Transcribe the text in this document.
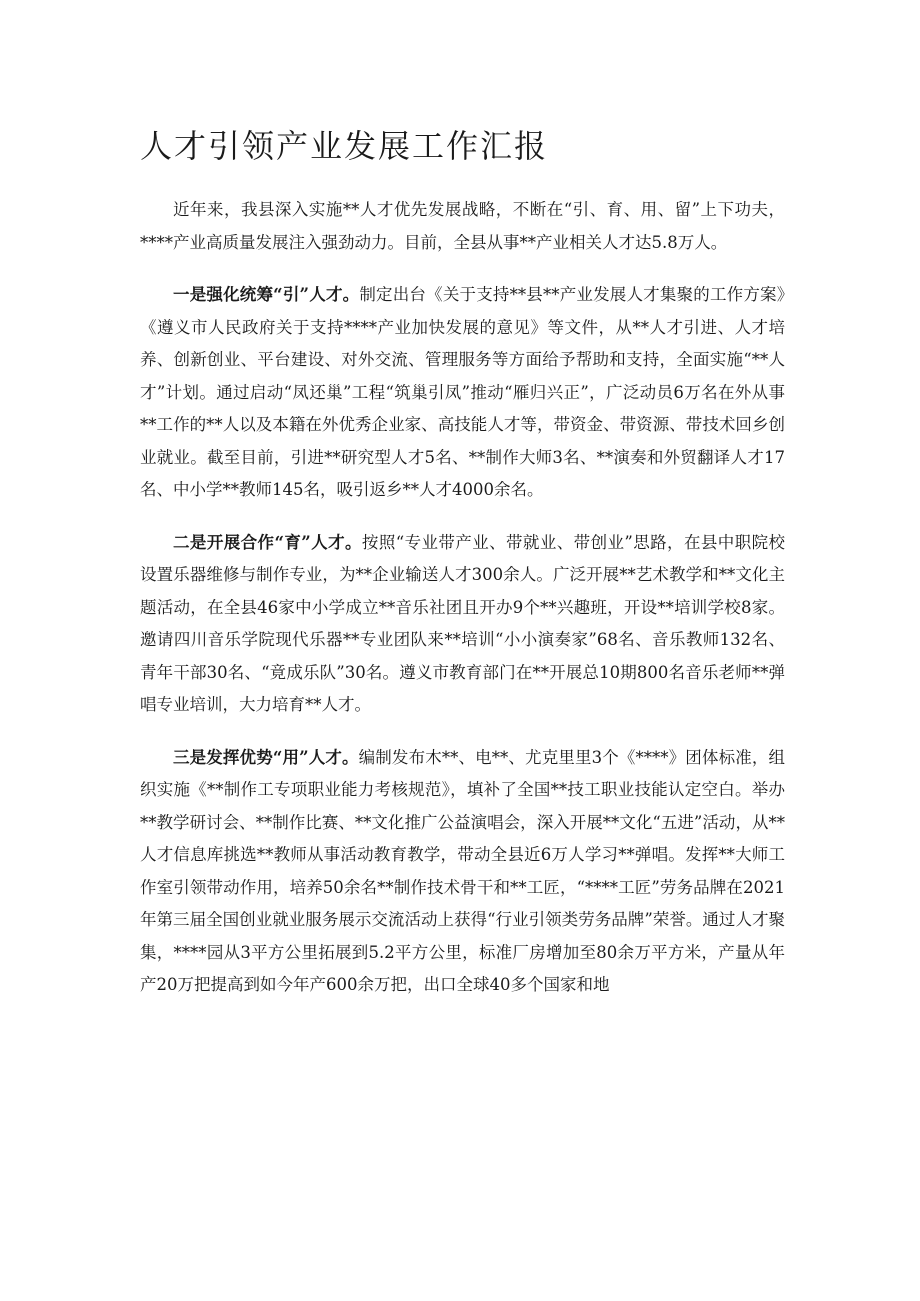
人才引领产业发展工作汇报

近年来，我县深入实施**人才优先发展战略，不断在“引、育、用、留”上下功夫，****产业高质量发展注入强劲动力。目前，全县从事**产业相关人才达5.8万人。

一是强化统筹“引”人才。制定出台《关于支持**县**产业发展人才集聚的工作方案》《遵义市人民政府关于支持****产业加快发展的意见》等文件，从**人才引进、人才培养、创新创业、平台建设、对外交流、管理服务等方面给予帮助和支持，全面实施“**人才”计划。通过启动“凤还巢”工程“筑巢引凤”推动“雁归兴正”，广泛动员6万名在外从事**工作的**人以及本籍在外优秀企业家、高技能人才等，带资金、带资源、带技术回乡创业就业。截至目前，引进**研究型人才5名、**制作大师3名、**演奏和外贸翻译人才17名、中小学**教师145名，吸引返乡**人才4000余名。

二是开展合作“育”人才。按照“专业带产业、带就业、带创业”思路，在县中职院校设置乐器维修与制作专业，为**企业输送人才300余人。广泛开展**艺术教学和**文化主题活动，在全县46家中小学成立**音乐社团且开办9个**兴趣班，开设**培训学校8家。邀请四川音乐学院现代乐器**专业团队来**培训“小小演奏家”68名、音乐教师132名、青年干部30名、“竟成乐队”30名。遵义市教育部门在**开展总10期800名音乐老师**弹唱专业培训，大力培育**人才。

三是发挥优势“用”人才。编制发布木**、电**、尤克里里3个《****》团体标准，组织实施《**制作工专项职业能力考核规范》，填补了全国**技工职业技能认定空白。举办**教学研讨会、**制作比赛、**文化推广公益演唱会，深入开展**文化“五进”活动，从**人才信息库挑选**教师从事活动教育教学，带动全县近6万人学习**弹唱。发挥**大师工作室引领带动作用，培养50余名**制作技术骨干和**工匠，“****工匠”劳务品牌在2021年第三届全国创业就业服务展示交流活动上获得“行业引领类劳务品牌”荣誉。通过人才聚集，****园从3平方公里拓展到5.2平方公里，标准厂房增加至80余万平方米，产量从年产20万把提高到如今年产600余万把，出口全球40多个国家和地
